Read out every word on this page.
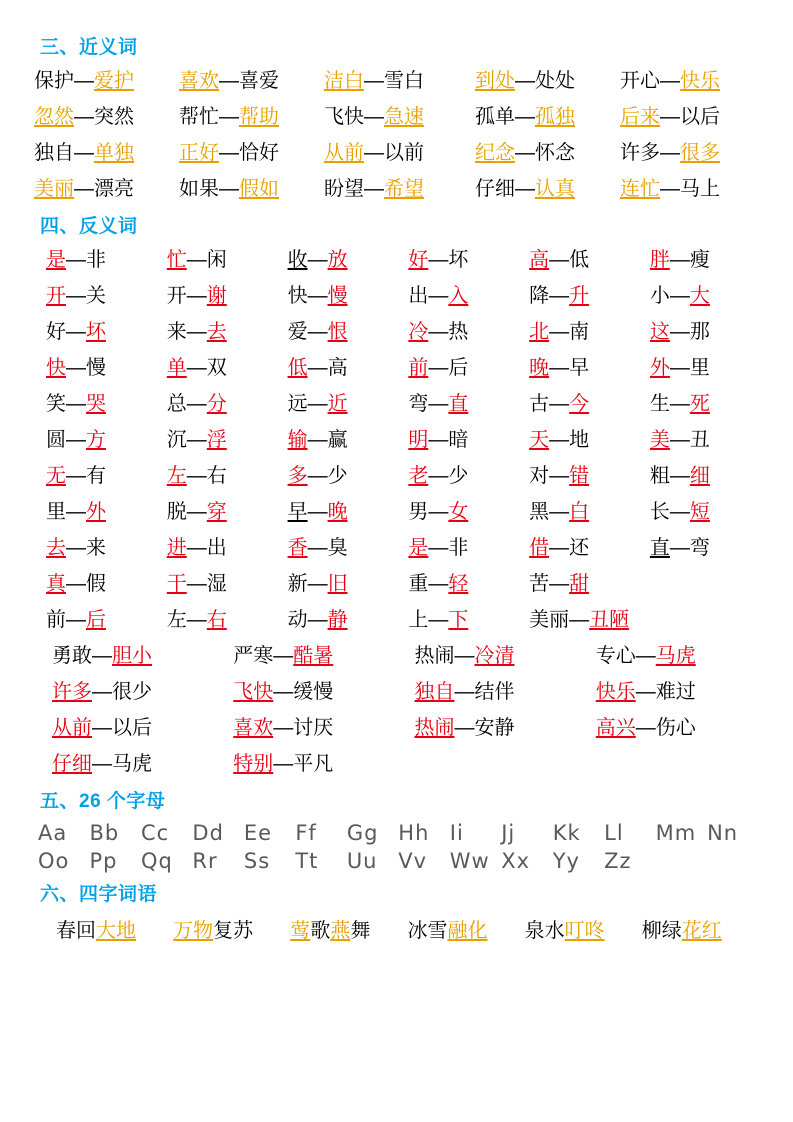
三、近义词
保护—爱护	喜欢—喜爱	洁白—雪白	到处—处处	开心—快乐
忽然—突然	帮忙—帮助	飞快—急速	孤单—孤独	后来—以后
独自—单独	正好—恰好	从前—以前	纪念—怀念	许多—很多
美丽—漂亮	如果—假如	盼望—希望	仔细—认真	连忙—马上
四、反义词
是—非	忙—闲	收—放	好—坏	高—低	胖—瘦
开—关	开—谢	快—慢	出—入	降—升	小—大
好—坏	来—去	爱—恨	冷—热	北—南	这—那
快—慢	单—双	低—高	前—后	晚—早	外—里
笑—哭	总—分	远—近	弯—直	古—今	生—死
圆—方	沉—浮	输—赢	明—暗	天—地	美—丑
无—有	左—右	多—少	老—少	对—错	粗—细
里—外	脱—穿	早—晚	男—女	黑—白	长—短
去—来	进—出	香—臭	是—非	借—还	直—弯
真—假	干—湿	新—旧	重—轻	苦—甜

前—后	左—右	动—静	上—下	美丽—丑陋

勇敢—胆小	严寒—酷暑	热闹—冷清	专心—马虎
许多—很少	飞快—缓慢	独自—结伴	快乐—难过
从前—以后	喜欢—讨厌	热闹—安静	高兴—伤心
仔细—马虎	特别—平凡

五、26 个字母
Aa	Bb	Cc	Dd Ee	Ff	Gg Hh Ii	Jj	Kk	Ll	Mm Nn
Oo Pp	Qq Rr	Ss	Tt	Uu Vv	Ww Xx	Yy	Zz
六、四字词语
春回大地	万物复苏	莺歌燕舞	冰雪融化	泉水叮咚	柳绿花红
